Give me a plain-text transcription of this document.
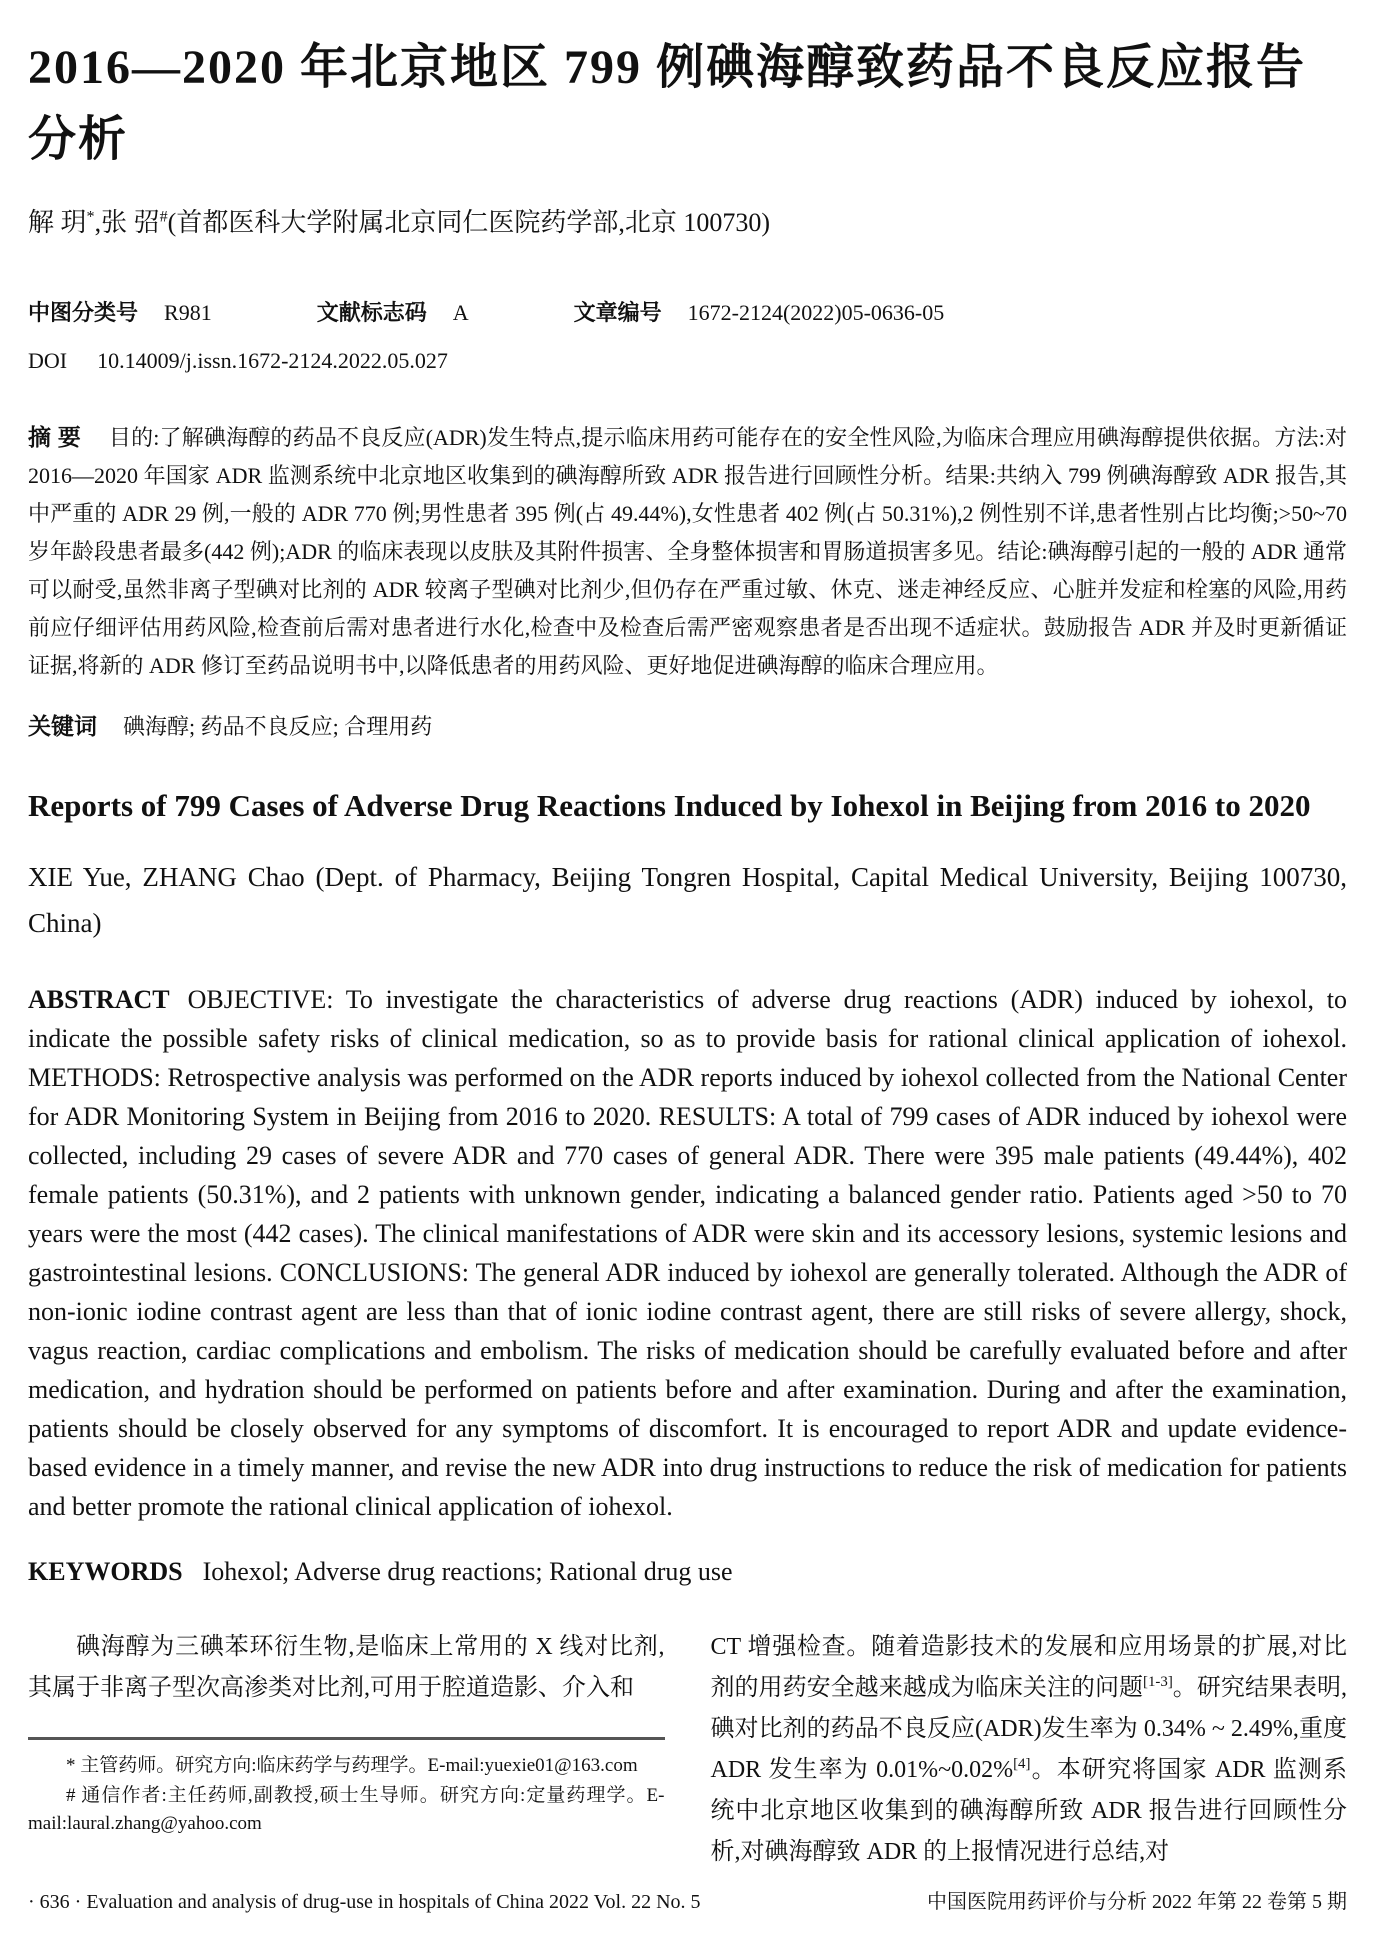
2016—2020 年北京地区 799 例碘海醇致药品不良反应报告分析
解 玥*,张 弨#(首都医科大学附属北京同仁医院药学部,北京 100730)
中图分类号 R981	文献标志码 A	文章编号 1672-2124(2022)05-0636-05
DOI 10.14009/j.issn.1672-2124.2022.05.027

摘 要 目的:了解碘海醇的药品不良反应(ADR)发生特点,提示临床用药可能存在的安全性风险,为临床合理应用碘海醇提供依据。方法:对 2016—2020 年国家 ADR 监测系统中北京地区收集到的碘海醇所致 ADR 报告进行回顾性分析。结果:共纳入 799 例碘海醇致 ADR 报告,其中严重的 ADR 29 例,一般的 ADR 770 例;男性患者 395 例(占 49.44%),女性患者 402 例(占 50.31%),2 例性别不详,患者性别占比均衡;>50~70 岁年龄段患者最多(442 例);ADR 的临床表现以皮肤及其附件损害、全身整体损害和胃肠道损害多见。结论:碘海醇引起的一般的 ADR 通常可以耐受,虽然非离子型碘对比剂的 ADR 较离子型碘对比剂少,但仍存在严重过敏、休克、迷走神经反应、心脏并发症和栓塞的风险,用药前应仔细评估用药风险,检查前后需对患者进行水化,检查中及检查后需严密观察患者是否出现不适症状。鼓励报告 ADR 并及时更新循证证据,将新的 ADR 修订至药品说明书中,以降低患者的用药风险、更好地促进碘海醇的临床合理应用。

关键词 碘海醇; 药品不良反应; 合理用药

Reports of 799 Cases of Adverse Drug Reactions Induced by Iohexol in Beijing from 2016 to 2020
XIE Yue, ZHANG Chao (Dept. of Pharmacy, Beijing Tongren Hospital, Capital Medical University, Beijing 100730, China)

ABSTRACT OBJECTIVE: To investigate the characteristics of adverse drug reactions (ADR) induced by iohexol, to indicate the possible safety risks of clinical medication, so as to provide basis for rational clinical application of iohexol. METHODS: Retrospective analysis was performed on the ADR reports induced by iohexol collected from the National Center for ADR Monitoring System in Beijing from 2016 to 2020. RESULTS: A total of 799 cases of ADR induced by iohexol were collected, including 29 cases of severe ADR and 770 cases of general ADR. There were 395 male patients (49.44%), 402 female patients (50.31%), and 2 patients with unknown gender, indicating a balanced gender ratio. Patients aged >50 to 70 years were the most (442 cases). The clinical manifestations of ADR were skin and its accessory lesions, systemic lesions and gastrointestinal lesions. CONCLUSIONS: The general ADR induced by iohexol are generally tolerated. Although the ADR of non-ionic iodine contrast agent are less than that of ionic iodine contrast agent, there are still risks of severe allergy, shock, vagus reaction, cardiac complications and embolism. The risks of medication should be carefully evaluated before and after medication, and hydration should be performed on patients before and after examination. During and after the examination, patients should be closely observed for any symptoms of discomfort. It is encouraged to report ADR and update evidence-based evidence in a timely manner, and revise the new ADR into drug instructions to reduce the risk of medication for patients and better promote the rational clinical application of iohexol.

KEYWORDS Iohexol; Adverse drug reactions; Rational drug use

碘海醇为三碘苯环衍生物,是临床上常用的 X 线对比剂,其属于非离子型次高渗类对比剂,可用于腔道造影、介入和

* 主管药师。研究方向:临床药学与药理学。E-mail:yuexie01@163.com

# 通信作者:主任药师,副教授,硕士生导师。研究方向:定量药理学。E-mail:laural.zhang@yahoo.com

CT 增强检查。随着造影技术的发展和应用场景的扩展,对比剂的用药安全越来越成为临床关注的问题[1-3]。研究结果表明,碘对比剂的药品不良反应(ADR)发生率为 0.34% ~ 2.49%,重度 ADR 发生率为 0.01%~0.02%[4]。本研究将国家 ADR 监测系统中北京地区收集到的碘海醇所致 ADR 报告进行回顾性分析,对碘海醇致 ADR 的上报情况进行总结,对

· 636 · Evaluation and analysis of drug-use in hospitals of China 2022 Vol. 22 No. 5	中国医院用药评价与分析 2022 年第 22 卷第 5 期
